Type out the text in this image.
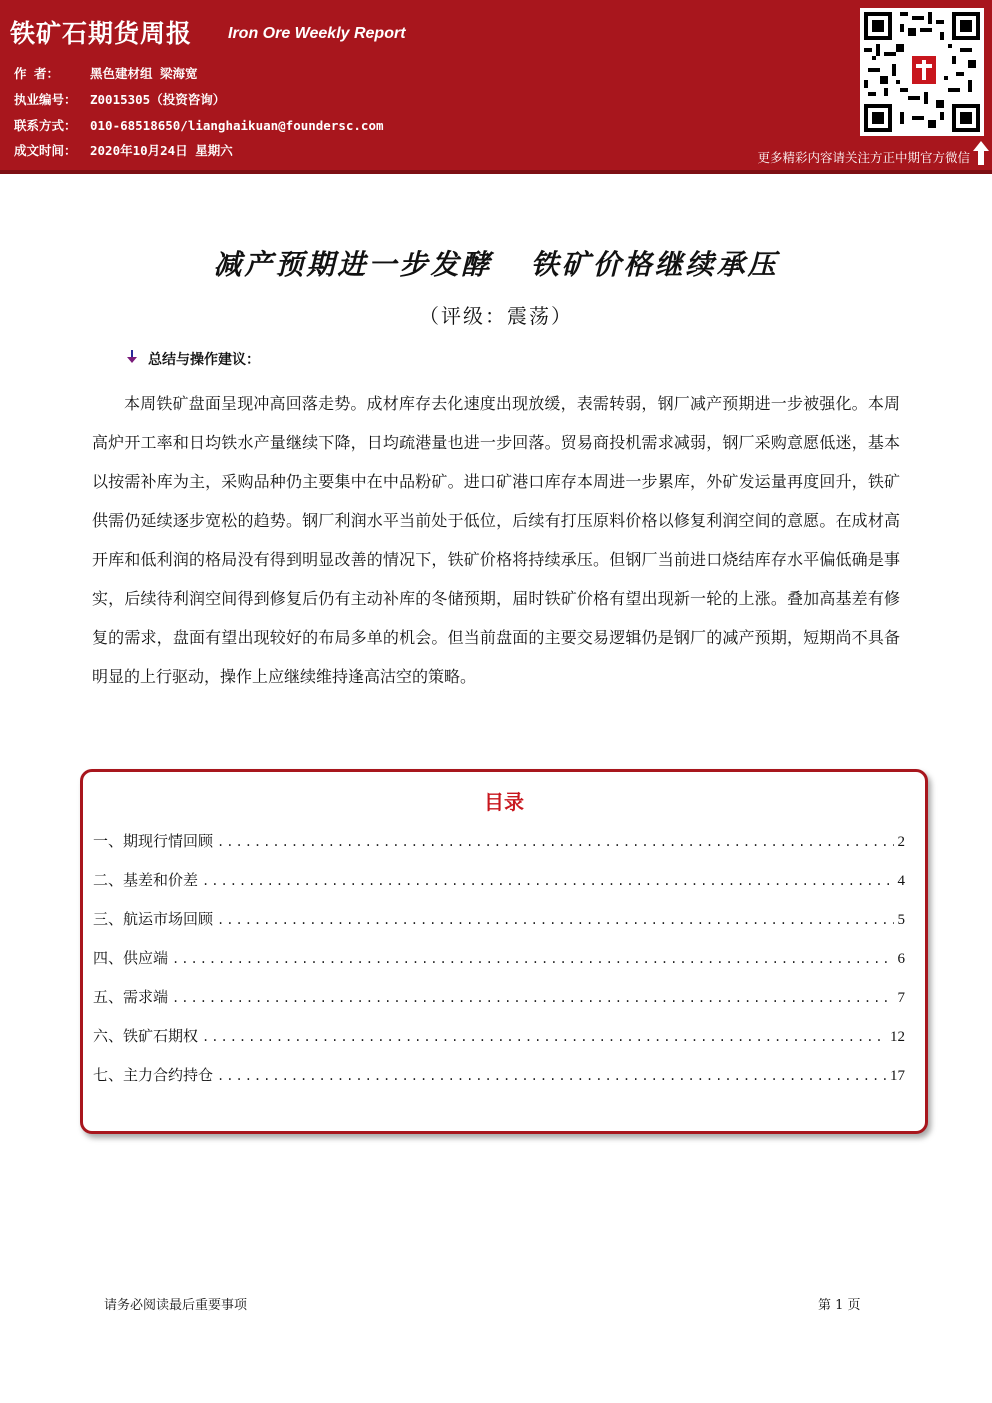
铁矿石期货周报 Iron Ore Weekly Report
作 者： 黑色建材组 梁海宽
执业编号： Z0015305（投资咨询）
联系方式： 010-68518650/lianghaikuan@foundersc.com
成文时间： 2020年10月24日 星期六	更多精彩内容请关注方正中期官方微信
减产预期进一步发酵   铁矿价格继续承压
（评级：震荡）
总结与操作建议：
本周铁矿盘面呈现冲高回落走势。成材库存去化速度出现放缓，表需转弱，钢厂减产预期进一步被强化。本周高炉开工率和日均铁水产量继续下降，日均疏港量也进一步回落。贸易商投机需求减弱，钢厂采购意愿低迷，基本以按需补库为主，采购品种仍主要集中在中品粉矿。进口矿港口库存本周进一步累库，外矿发运量再度回升，铁矿供需仍延续逐步宽松的趋势。钢厂利润水平当前处于低位，后续有打压原料价格以修复利润空间的意愿。在成材高开库和低利润的格局没有得到明显改善的情况下，铁矿价格将持续承压。但钢厂当前进口烧结库存水平偏低确是事实，后续待利润空间得到修复后仍有主动补库的冬储预期，届时铁矿价格有望出现新一轮的上涨。叠加高基差有修复的需求，盘面有望出现较好的布局多单的机会。但当前盘面的主要交易逻辑仍是钢厂的减产预期，短期尚不具备明显的上行驱动，操作上应继续维持逢高沽空的策略。
目录
一、期现行情回顾 .....	2
二、基差和价差 .....	4
三、航运市场回顾 .....	5
四、供应端 .....	6
五、需求端 .....	7
六、铁矿石期权 .....	12
七、主力合约持仓 .....	17
请务必阅读最后重要事项	第 1 页
